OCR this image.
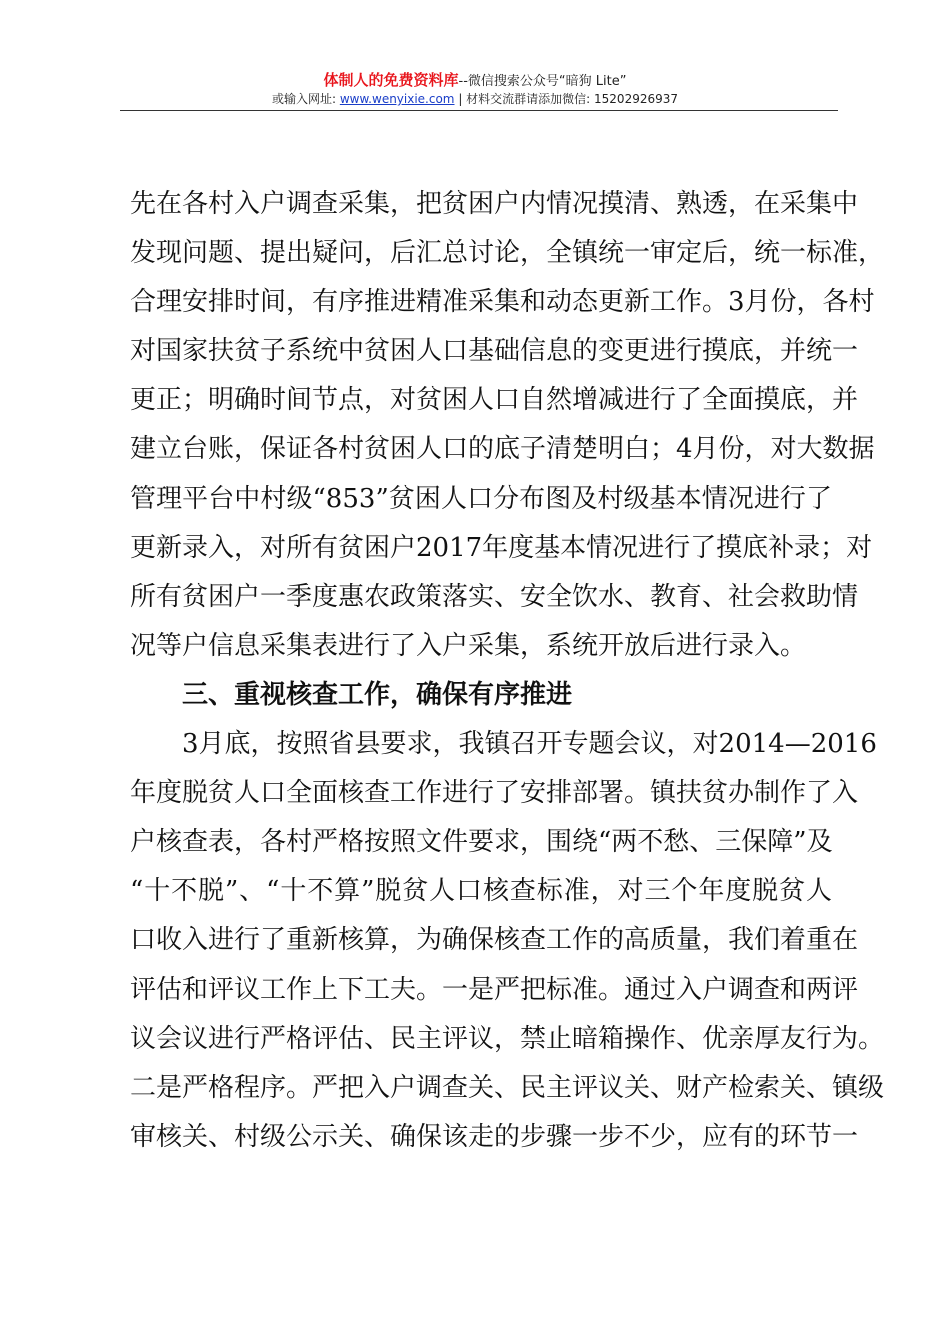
体制人的免费资料库--微信搜索公众号“暗狗 Lite”
或输入网址: www.wenyixie.com | 材料交流群请添加微信: 15202926937
先在各村入户调查采集，把贫困户内情况摸清、熟透，在采集中
发现问题、提出疑问，后汇总讨论，全镇统一审定后，统一标准，
合理安排时间，有序推进精准采集和动态更新工作。3月份，各村
对国家扶贫子系统中贫困人口基础信息的变更进行摸底，并统一
更正；明确时间节点，对贫困人口自然增减进行了全面摸底，并
建立台账，保证各村贫困人口的底子清楚明白；4月份，对大数据
管理平台中村级“853”贫困人口分布图及村级基本情况进行了
更新录入，对所有贫困户2017年度基本情况进行了摸底补录；对
所有贫困户一季度惠农政策落实、安全饮水、教育、社会救助情
况等户信息采集表进行了入户采集，系统开放后进行录入。
三、重视核查工作，确保有序推进
3月底，按照省县要求，我镇召开专题会议，对2014—2016
年度脱贫人口全面核查工作进行了安排部署。镇扶贫办制作了入
户核查表，各村严格按照文件要求，围绕“两不愁、三保障”及
“十不脱”、“十不算”脱贫人口核查标准，对三个年度脱贫人
口收入进行了重新核算，为确保核查工作的高质量，我们着重在
评估和评议工作上下工夫。一是严把标准。通过入户调查和两评
议会议进行严格评估、民主评议，禁止暗箱操作、优亲厚友行为。
二是严格程序。严把入户调查关、民主评议关、财产检索关、镇级
审核关、村级公示关、确保该走的步骤一步不少，应有的环节一
